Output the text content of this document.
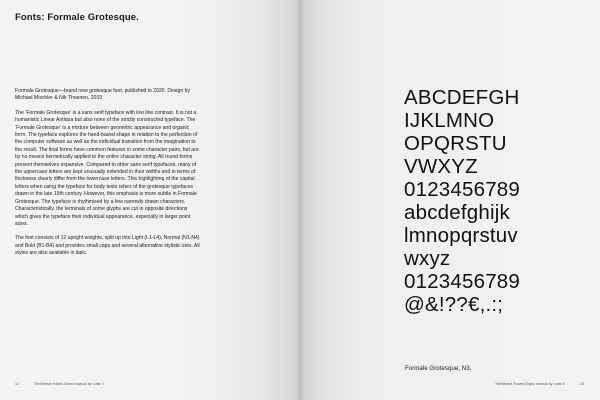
Fonts: Formale Grotesque.

Formale Grotesque—brand new grotesque font, published in 2020. Design by Michael Mischler & Nik Thoenen, 2019

The ‘Formale Grotesque’ is a sans serif typeface with low line contrast. It is not a humanistic Linear Antiqua but also none of the strictly constructed typeface. The ‘Formale Grotesque’ is a mixture between geometric appearance and organic form. The typeface explores the hand-based shape in relation to the perfection of the computer software as well as the individual transition from the imagination to the result. The final forms have common features in some character pairs, but are by no means hermetically applied to the entire character string. All round forms present themselves expansive. Compared to other sans serif typefaces, many of the uppercase letters are kept unusually extended in their widths and in terms of thickness clearly differ from the lowercase letters. This highlighting of the capital letters when using the typeface for body texts refers of the grotesque typefaces drawn in the late 19th century. However, this emphasis is more subtle in Formale Grotesque. The typeface is rhythmised by a few narrowly drawn characters. Characteristically, the terminals of some glyphs are cut in opposite directions which gives the typeface their individual appearance, especially in larger point sizes.

The font consists of 12 upright weights, split up into Light (L1-L4), Normal (N1-N4) and Bold (B1-B4) and provides small caps and several alternative stylistic sets. All styles are also available in italic.

12	TheWeave Roses\ Brand manual by Lotte X	TheWeave Roses\ Brand manual by Lotte X	13
ABCDEFGH
IJKLMNO
OPQRSTU
VWXYZ
0123456789
abcdefghijk
lmnopqrstuv
wxyz
0123456789
@&!??€,.:;
Formale Grotesque, N3.
